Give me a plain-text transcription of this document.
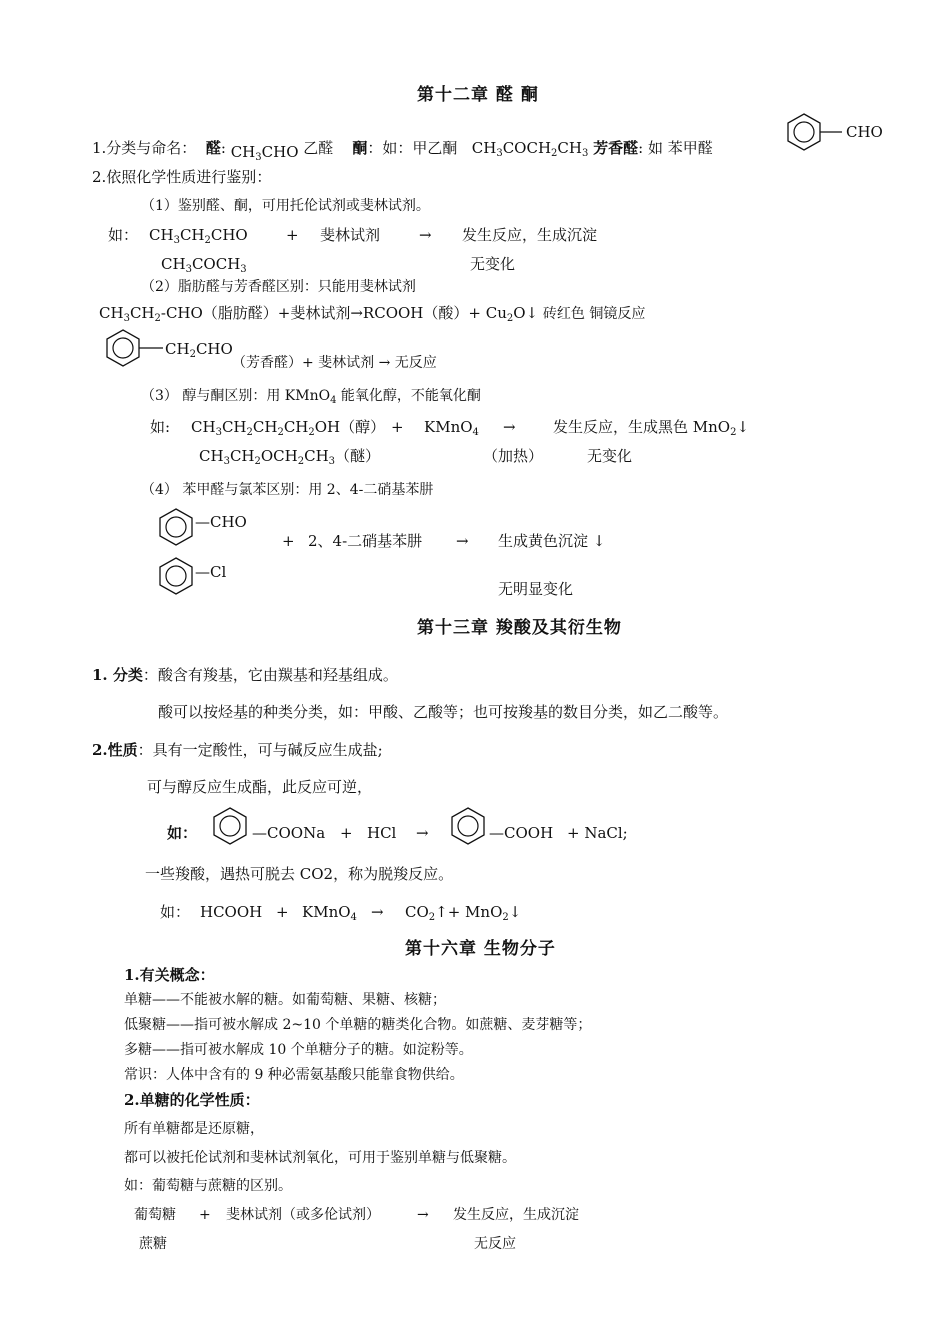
第十二章 醛 酮
1.分类与命名： 醛: $CH_3CHO$ 乙醛 酮：如：甲乙酮 $CH_3COCH_2CH_3$ 芳香醛: 如 苯甲醛
CHO
2.依照化学性质进行鉴别：
（1）鉴别醛、酮，可用托伦试剂或斐林试剂。
如： $CH_3CH_2CHO$	+ 斐林试剂	→ 发生反应，生成沉淀
$CH_3COCH_3$	无变化
（2）脂肪醛与芳香醛区别：只能用斐林试剂
$CH_3CH_2-CHO$（脂肪醛）+斐林试剂→RCOOH（酸）+ $Cu_2O↓$ 砖红色 铜镜反应
$CH_2CHO$
（芳香醛）+ 斐林试剂 → 无反应
（3） 醇与酮区别：用 KMnO$_4$ 能氧化醇，不能氧化酮
如: $CH_3CH_2CH_2CH_2OH$（醇） + KMnO$_4$ → 发生反应，生成黑色 MnO$_2$↓
$CH_3CH_2OCH_2CH_3$（醚）	（加热）	无变化
（4） 苯甲醛与氯苯区别：用 2、4-二硝基苯肼
—CHO
+ 2、4-二硝基苯肼 → 生成黄色沉淀 ↓
—Cl
无明显变化
第十三章 羧酸及其衍生物
1. 分类：酸含有羧基，它由羰基和羟基组成。
酸可以按烃基的种类分类，如：甲酸、乙酸等；也可按羧基的数目分类，如乙二酸等。
2.性质：具有一定酸性，可与碱反应生成盐;
可与醇反应生成酯，此反应可逆，
如：	—COONa + HCl →	—COOH + NaCl;
一些羧酸，遇热可脱去 CO2，称为脱羧反应。
如： HCOOH + KMnO$_4$ → $CO_2↑+$ MnO$_2$↓
第十六章 生物分子
1.有关概念：
单糖——不能被水解的糖。如葡萄糖、果糖、核糖；
低聚糖——指可被水解成 2~10 个单糖的糖类化合物。如蔗糖、麦芽糖等；
多糖——指可被水解成 10 个单糖分子的糖。如淀粉等。
常识：人体中含有的 9 种必需氨基酸只能靠食物供给。
2.单糖的化学性质：
所有单糖都是还原糖，
都可以被托伦试剂和斐林试剂氧化，可用于鉴别单糖与低聚糖。
如：葡萄糖与蔗糖的区别。
葡萄糖 + 斐林试剂（或多伦试剂）	→ 发生反应，生成沉淀
蔗糖	无反应
